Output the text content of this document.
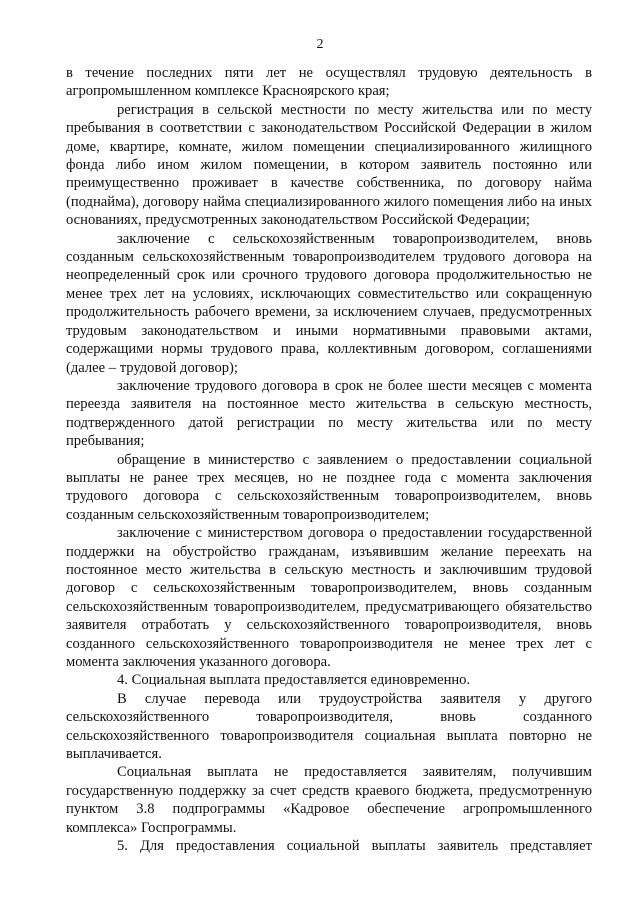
2

в течение последних пяти лет не осуществлял трудовую деятельность в агропромышленном комплексе Красноярского края;

регистрация в сельской местности по месту жительства или по месту пребывания в соответствии с законодательством Российской Федерации в жилом доме, квартире, комнате, жилом помещении специализированного жилищного фонда либо ином жилом помещении, в котором заявитель постоянно или преимущественно проживает в качестве собственника, по договору найма (поднайма), договору найма специализированного жилого помещения либо на иных основаниях, предусмотренных законодательством Российской Федерации;

заключение с сельскохозяйственным товаропроизводителем, вновь созданным сельскохозяйственным товаропроизводителем трудового договора на неопределенный срок или срочного трудового договора продолжительностью не менее трех лет на условиях, исключающих совместительство или сокращенную продолжительность рабочего времени, за исключением случаев, предусмотренных трудовым законодательством и иными нормативными правовыми актами, содержащими нормы трудового права, коллективным договором, соглашениями (далее – трудовой договор);

заключение трудового договора в срок не более шести месяцев с момента переезда заявителя на постоянное место жительства в сельскую местность, подтвержденного датой регистрации по месту жительства или по месту пребывания;

обращение в министерство с заявлением о предоставлении социальной выплаты не ранее трех месяцев, но не позднее года с момента заключения трудового договора с сельскохозяйственным товаропроизводителем, вновь созданным сельскохозяйственным товаропроизводителем;

заключение с министерством договора о предоставлении государственной поддержки на обустройство гражданам, изъявившим желание переехать на постоянное место жительства в сельскую местность и заключившим трудовой договор с сельскохозяйственным товаропроизводителем, вновь созданным сельскохозяйственным товаропроизводителем, предусматривающего обязательство заявителя отработать у сельскохозяйственного товаропроизводителя, вновь созданного сельскохозяйственного товаропроизводителя не менее трех лет с момента заключения указанного договора.

4. Социальная выплата предоставляется единовременно.

В случае перевода или трудоустройства заявителя у другого сельскохозяйственного товаропроизводителя, вновь созданного сельскохозяйственного товаропроизводителя социальная выплата повторно не выплачивается.

Социальная выплата не предоставляется заявителям, получившим государственную поддержку за счет средств краевого бюджета, предусмотренную пунктом 3.8 подпрограммы «Кадровое обеспечение агропромышленного комплекса» Госпрограммы.

5. Для предоставления социальной выплаты заявитель представляет
